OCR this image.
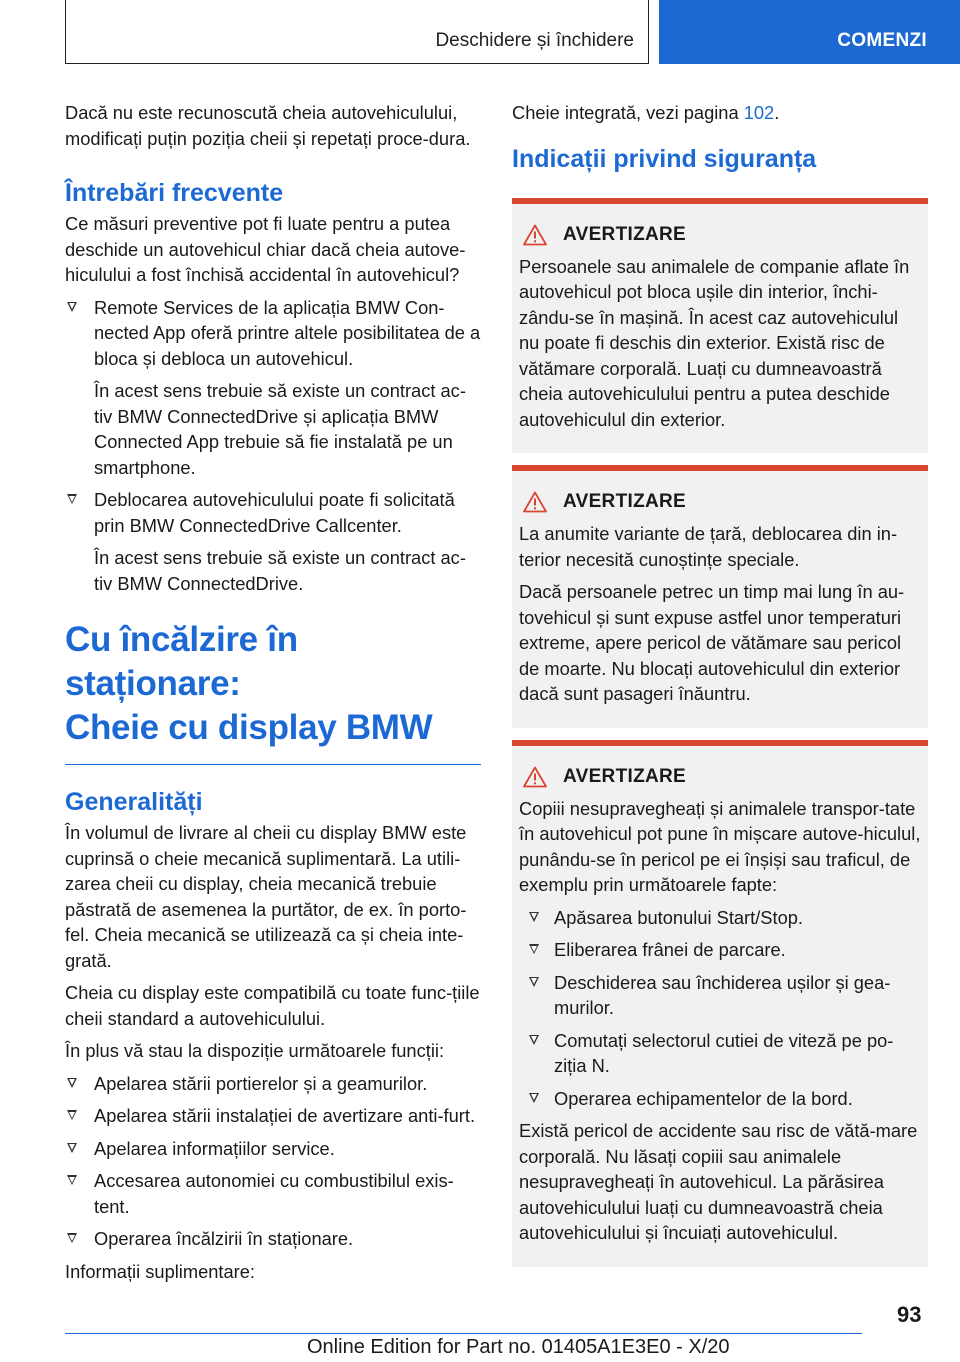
Deschidere și închidere	COMENZI

Dacă nu este recunoscută cheia autovehiculului, modificați puțin poziția cheii și repetați proce-dura.

Întrebări frecvente

Ce măsuri preventive pot fi luate pentru a putea deschide un autovehicul chiar dacă cheia autove-hiculului a fost închisă accidental în autovehicul?

Remote Services de la aplicația BMW Con-nected App oferă printre altele posibilitatea de a bloca și debloca un autovehicul.

În acest sens trebuie să existe un contract ac-tiv BMW ConnectedDrive și aplicația BMW Connected App trebuie să fie instalată pe un smartphone.

Deblocarea autovehiculului poate fi solicitată prin BMW ConnectedDrive Callcenter.

În acest sens trebuie să existe un contract ac-tiv BMW ConnectedDrive.

Cu încălzire în staționare:
Cheie cu display BMW
Generalități

În volumul de livrare al cheii cu display BMW este cuprinsă o cheie mecanică suplimentară. La utili-zarea cheii cu display, cheia mecanică trebuie păstrată de asemenea la purtător, de ex. în porto-fel. Cheia mecanică se utilizează ca și cheia inte-grată.

Cheia cu display este compatibilă cu toate func-țiile cheii standard a autovehiculului.

În plus vă stau la dispoziție următoarele funcții:

Apelarea stării portierelor și a geamurilor.

Apelarea stării instalației de avertizare anti-furt.

Apelarea informațiilor service.

Accesarea autonomiei cu combustibilul exis-tent.

Operarea încălzirii în staționare.

Informații suplimentare:

Cheie integrată, vezi pagina 102.

Indicații privind siguranța
AVERTIZARE

Persoanele sau animalele de companie aflate în autovehicul pot bloca ușile din interior, închi-zându-se în mașină. În acest caz autovehiculul nu poate fi deschis din exterior. Există risc de vătămare corporală. Luați cu dumneavoastră cheia autovehiculului pentru a putea deschide autovehiculul din exterior.

AVERTIZARE

La anumite variante de țară, deblocarea din in-terior necesită cunoștințe speciale.

Dacă persoanele petrec un timp mai lung în au-tovehicul și sunt expuse astfel unor temperaturi extreme, apere pericol de vătămare sau pericol de moarte. Nu blocați autovehiculul din exterior dacă sunt pasageri înăuntru.

AVERTIZARE

Copiii nesupravegheați și animalele transpor-tate în autovehicul pot pune în mișcare autove-hiculul, punându-se în pericol pe ei înșiși sau traficul, de exemplu prin următoarele fapte:

Apăsarea butonului Start/Stop.

Eliberarea frânei de parcare.

Deschiderea sau închiderea ușilor și gea-murilor.

Comutați selectorul cutiei de viteză pe po-ziția N.

Operarea echipamentelor de la bord.

Există pericol de accidente sau risc de vătă-mare corporală. Nu lăsați copiii sau animalele nesupravegheați în autovehicul. La părăsirea autovehiculului luați cu dumneavoastră cheia autovehiculului și încuiați autovehiculul.

93
Online Edition for Part no. 01405A1E3E0 - X/20
